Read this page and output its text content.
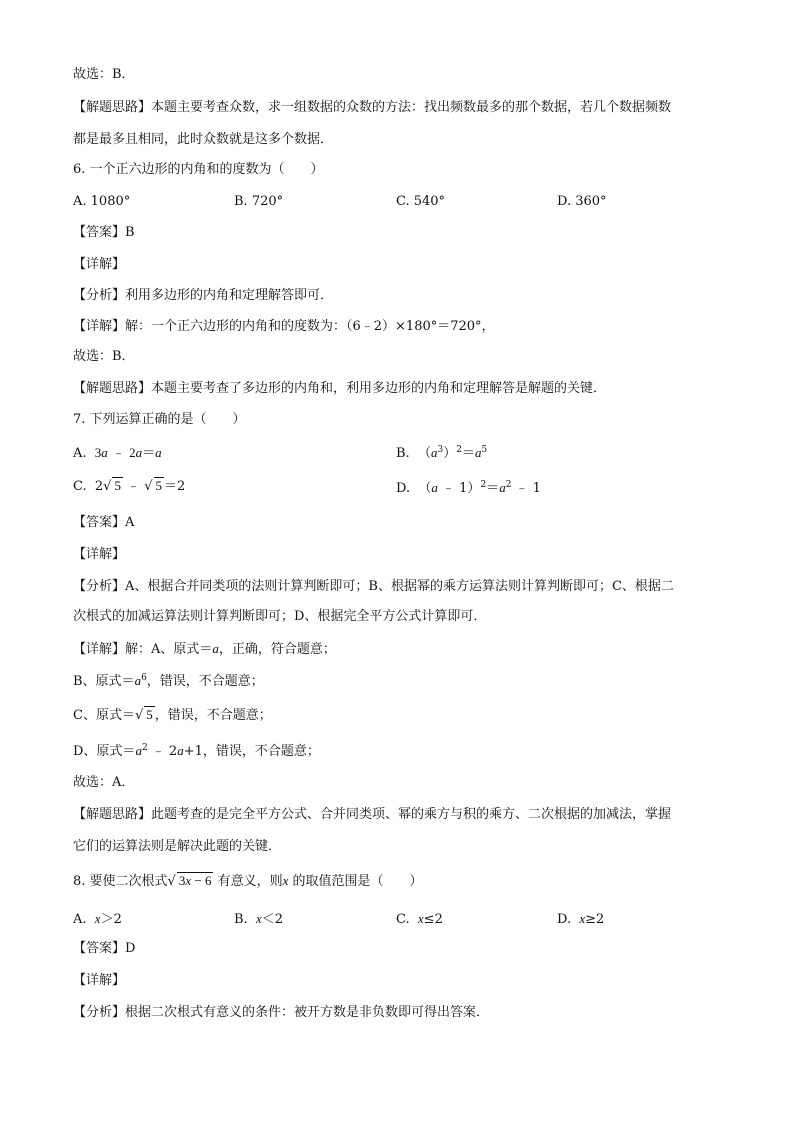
故选：B．
【解题思路】本题主要考查众数，求一组数据的众数的方法：找出频数最多的那个数据，若几个数据频数
都是最多且相同，此时众数就是这多个数据．
6. 一个正六边形的内角和的度数为（　　）
A. 1080°	B. 720°	C. 540°	D. 360°
【答案】B
【详解】
【分析】利用多边形的内角和定理解答即可．
【详解】解：一个正六边形的内角和的度数为：（6﹣2）×180°＝720°，
故选：B．
【解题思路】本题主要考查了多边形的内角和，利用多边形的内角和定理解答是解题的关键．
7. 下列运算正确的是（　　）
A.  3a ﹣ 2a＝a	B.  $(a^3)^2=a^5$
C.  2√ 5 ﹣ √ 5 ＝2	D.  （a ﹣ $1)^2=a^2$ ﹣ 1
【答案】A
【详解】
【分析】A、根据合并同类项的法则计算判断即可；B、根据幂的乘方运算法则计算判断即可；C、根据二
次根式的加减运算法则计算判断即可；D、根据完全平方公式计算即可．
【详解】解：A、原式＝a，正确，符合题意；
B、原式$=a^6$，错误，不合题意；
C、原式＝√ 5 ，错误，不合题意；
D、原式$=a^2$ ﹣ 2a+1，错误，不合题意；
故选：A．
【解题思路】此题考查的是完全平方公式、合并同类项、幂的乘方与积的乘方、二次根据的加减法，掌握
它们的运算法则是解决此题的关键．
8. 要使二次根式√ 3x − 6 有意义，则x 的取值范围是（　　）
A.  x＞2	B.  x＜2	C.  x≤2	D.  x≥2
【答案】D
【详解】
【分析】根据二次根式有意义的条件：被开方数是非负数即可得出答案．
